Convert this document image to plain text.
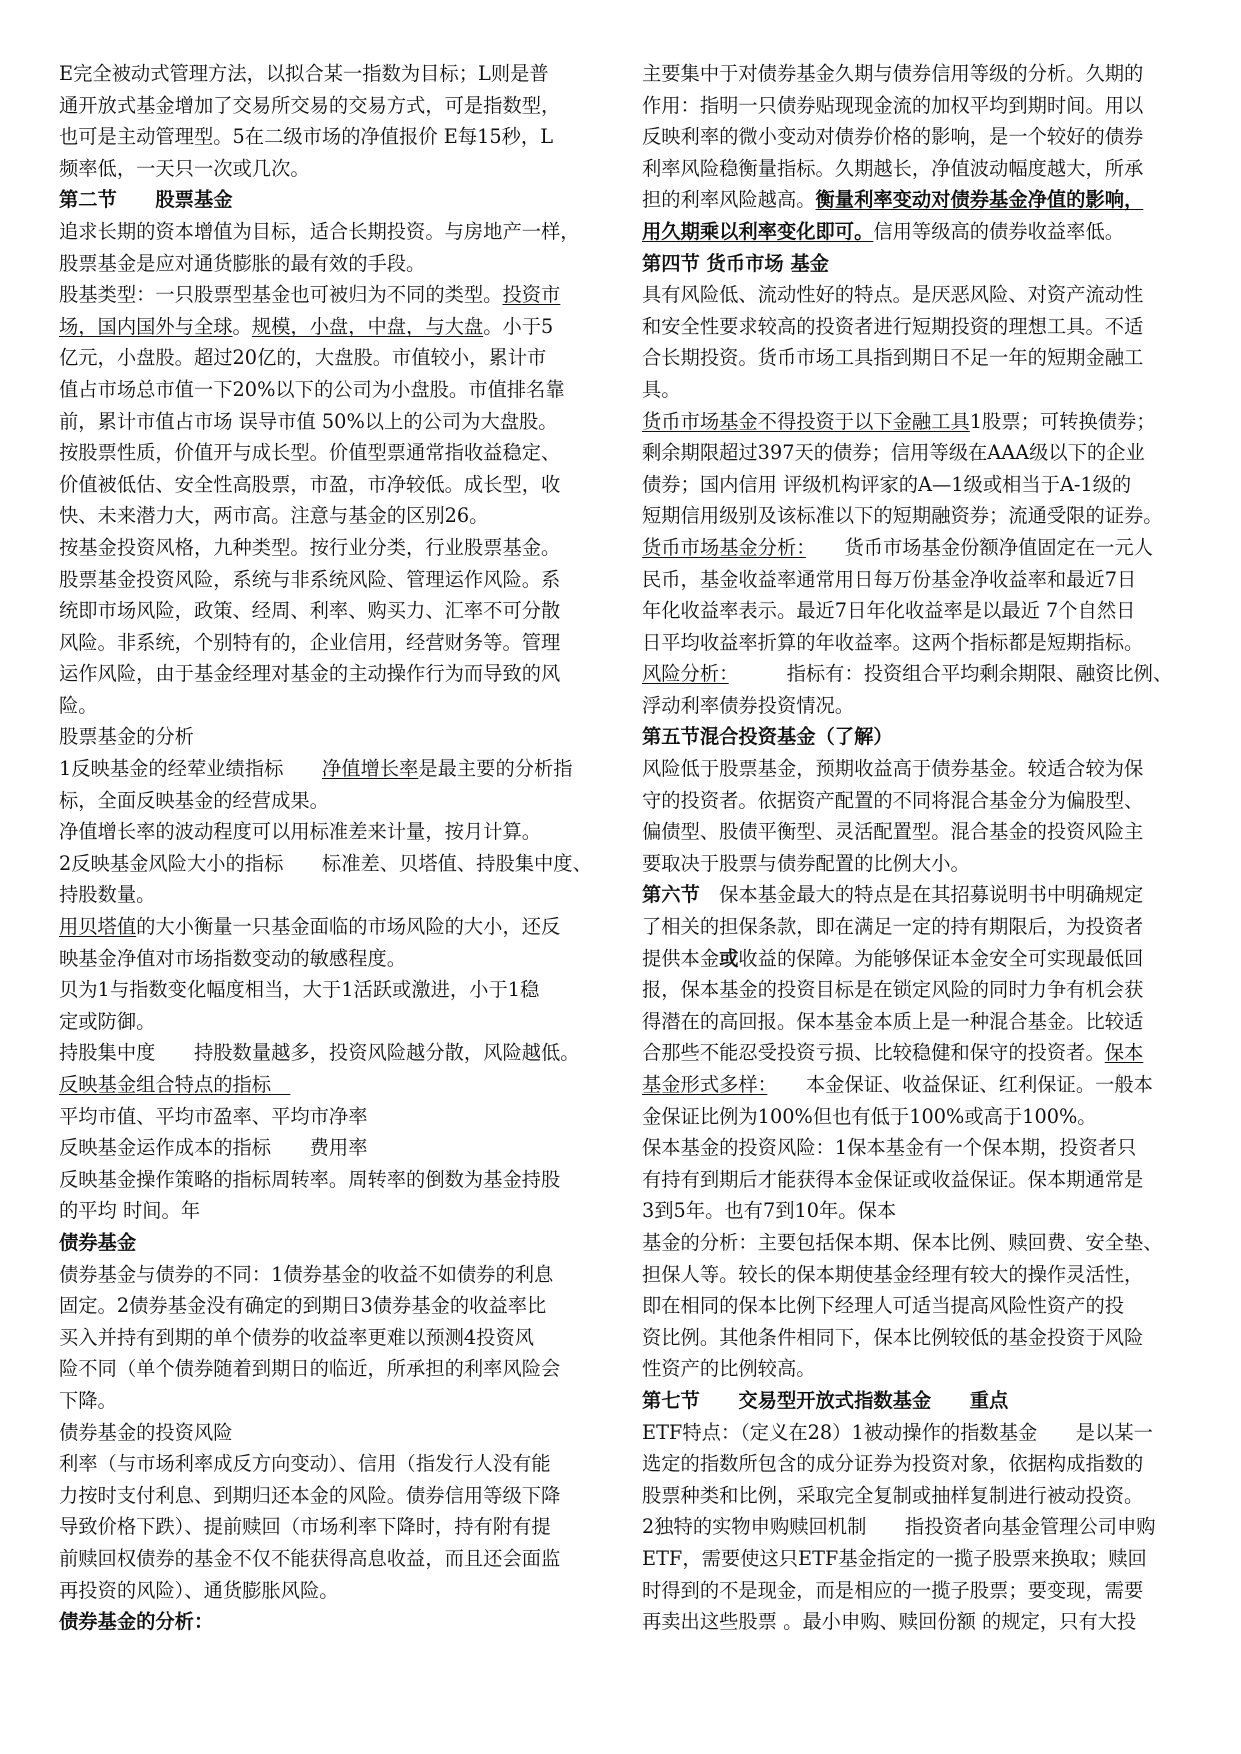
E完全被动式管理方法，以拟合某一指数为目标；L则是普
通开放式基金增加了交易所交易的交易方式，可是指数型，
也可是主动管理型。5在二级市场的净值报价 E每15秒，L
频率低，一天只一次或几次。
第二节　　股票基金
追求长期的资本增值为目标，适合长期投资。与房地产一样，
股票基金是应对通货膨胀的最有效的手段。
股基类型：一只股票型基金也可被归为不同的类型。投资市
场，国内国外与全球。规模，小盘，中盘，与大盘。小于5
亿元，小盘股。超过20亿的，大盘股。市值较小，累计市
值占市场总市值一下20%以下的公司为小盘股。市值排名靠
前，累计市值占市场 误导市值 50%以上的公司为大盘股。
按股票性质，价值开与成长型。价值型票通常指收益稳定、
价值被低估、安全性高股票，市盈，市净较低。成长型，收
快、未来潜力大，两市高。注意与基金的区别26。
按基金投资风格，九种类型。按行业分类，行业股票基金。
股票基金投资风险，系统与非系统风险、管理运作风险。系
统即市场风险，政策、经周、利率、购买力、汇率不可分散
风险。非系统，个别特有的，企业信用，经营财务等。管理
运作风险，由于基金经理对基金的主动操作行为而导致的风
险。
股票基金的分析
1反映基金的经荤业绩指标　　净值增长率是最主要的分析指
标，全面反映基金的经营成果。
净值增长率的波动程度可以用标准差来计量，按月计算。
2反映基金风险大小的指标　　标准差、贝塔值、持股集中度、
持股数量。
用贝塔值的大小衡量一只基金面临的市场风险的大小，还反
映基金净值对市场指数变动的敏感程度。
贝为1与指数变化幅度相当，大于1活跃或激进，小于1稳
定或防御。
持股集中度　　持股数量越多，投资风险越分散，风险越低。
反映基金组合特点的指标　
平均市值、平均市盈率、平均市净率
反映基金运作成本的指标　　费用率
反映基金操作策略的指标周转率。周转率的倒数为基金持股
的平均 时间。年
债券基金
债券基金与债券的不同：1债券基金的收益不如债券的利息
固定。2债券基金没有确定的到期日3债券基金的收益率比
买入并持有到期的单个债券的收益率更难以预测4投资风
险不同（单个债券随着到期日的临近，所承担的利率风险会
下降。
债券基金的投资风险
利率（与市场利率成反方向变动）、信用（指发行人没有能
力按时支付利息、到期归还本金的风险。债券信用等级下降
导致价格下跌）、提前赎回（市场利率下降时，持有附有提
前赎回权债券的基金不仅不能获得高息收益，而且还会面监
再投资的风险）、通货膨胀风险。
债券基金的分析：
主要集中于对债券基金久期与债券信用等级的分析。久期的
作用：指明一只债券贴现现金流的加权平均到期时间。用以
反映利率的微小变动对债券价格的影响，是一个较好的债券
利率风险稳衡量指标。久期越长，净值波动幅度越大，所承
担的利率风险越高。衡量利率变动对债券基金净值的影响，
用久期乘以利率变化即可。信用等级高的债券收益率低。
第四节 货币市场 基金
具有风险低、流动性好的特点。是厌恶风险、对资产流动性
和安全性要求较高的投资者进行短期投资的理想工具。不适
合长期投资。货币市场工具指到期日不足一年的短期金融工
具。
货币市场基金不得投资于以下金融工具1股票；可转换债券；
剩余期限超过397天的债券；信用等级在AAA级以下的企业
债券；国内信用 评级机构评家的A—1级或相当于A-1级的
短期信用级别及该标准以下的短期融资券；流通受限的证券。
货币市场基金分析：　　货币市场基金份额净值固定在一元人
民币，基金收益率通常用日每万份基金净收益率和最近7日
年化收益率表示。最近7日年化收益率是以最近 7个自然日
日平均收益率折算的年收益率。这两个指标都是短期指标。
风险分析：　　　指标有：投资组合平均剩余期限、融资比例、
浮动利率债券投资情况。
第五节混合投资基金（了解）
风险低于股票基金，预期收益高于债券基金。较适合较为保
守的投资者。依据资产配置的不同将混合基金分为偏股型、
偏债型、股债平衡型、灵活配置型。混合基金的投资风险主
要取决于股票与债券配置的比例大小。
第六节　保本基金最大的特点是在其招募说明书中明确规定
了相关的担保条款，即在满足一定的持有期限后，为投资者
提供本金或收益的保障。为能够保证本金安全可实现最低回
报，保本基金的投资目标是在锁定风险的同时力争有机会获
得潜在的高回报。保本基金本质上是一种混合基金。比较适
合那些不能忍受投资亏损、比较稳健和保守的投资者。保本
基金形式多样：　　本金保证、收益保证、红利保证。一般本
金保证比例为100%但也有低于100%或高于100%。
保本基金的投资风险：1保本基金有一个保本期，投资者只
有持有到期后才能获得本金保证或收益保证。保本期通常是
3到5年。也有7到10年。保本
基金的分析：主要包括保本期、保本比例、赎回费、安全垫、
担保人等。较长的保本期使基金经理有较大的操作灵活性，
即在相同的保本比例下经理人可适当提高风险性资产的投
资比例。其他条件相同下，保本比例较低的基金投资于风险
性资产的比例较高。
第七节　　交易型开放式指数基金　　重点
ETF特点：（定义在28）1被动操作的指数基金　　是以某一
选定的指数所包含的成分证券为投资对象，依据构成指数的
股票种类和比例，采取完全复制或抽样复制进行被动投资。
2独特的实物申购赎回机制　　指投资者向基金管理公司申购
ETF，需要使这只ETF基金指定的一揽子股票来换取；赎回
时得到的不是现金，而是相应的一揽子股票；要变现，需要
再卖出这些股票 。最小申购、赎回份额 的规定，只有大投
